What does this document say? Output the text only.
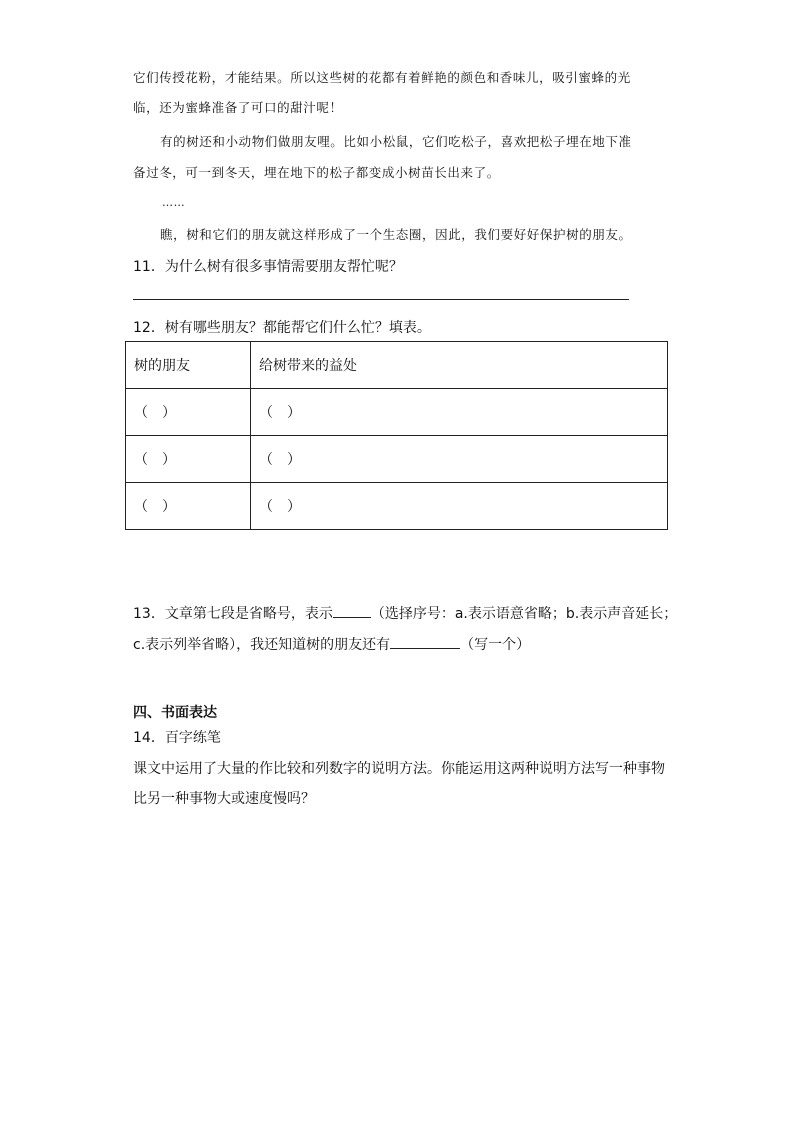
它们传授花粉，才能结果。所以这些树的花都有着鲜艳的颜色和香味儿，吸引蜜蜂的光

临，还为蜜蜂准备了可口的甜汁呢！

有的树还和小动物们做朋友哩。比如小松鼠，它们吃松子，喜欢把松子埋在地下准

备过冬，可一到冬天，埋在地下的松子都变成小树苗长出来了。

……

瞧，树和它们的朋友就这样形成了一个生态圈，因此，我们要好好保护树的朋友。

11．为什么树有很多事情需要朋友帮忙呢？

12．树有哪些朋友？都能帮它们什么忙？填表。

树的朋友	给树带来的益处
（　）	（　）
（　）	（　）
（　）	（　）

13．文章第七段是省略号，表示	（选择序号：a.表示语意省略；b.表示声音延长；

c.表示列举省略），我还知道树的朋友还有	（写一个）

四、书面表达

14．百字练笔

课文中运用了大量的作比较和列数字的说明方法。你能运用这两种说明方法写一种事物

比另一种事物大或速度慢吗？
